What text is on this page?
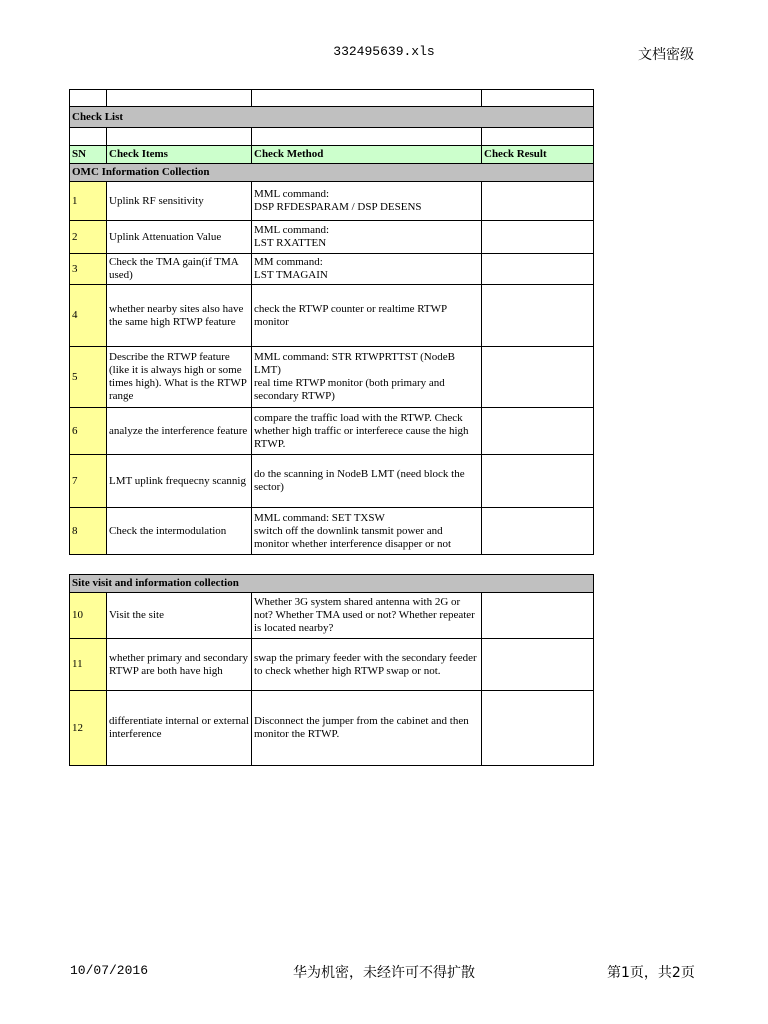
332495639.xls	文档密级

Check List			

SN	Check Items	Check Method	Check Result
OMC Information Collection			
1	Uplink RF sensitivity	MML command:
DSP RFDESPARAM / DSP DESENS	
2	Uplink Attenuation Value	MML command:
LST RXATTEN	
3	Check the TMA gain(if TMA used)	MM command:
LST TMAGAIN	
4	whether nearby sites also have the same high RTWP feature	check the RTWP counter or realtime RTWP monitor	
5	Describe the RTWP feature (like it is always high or some times high). What is the RTWP range	MML command: STR RTWPRTTST (NodeB LMT)
real time RTWP monitor (both primary and secondary RTWP)	
6	analyze the interference feature	compare the traffic load with the RTWP. Check whether high traffic or interferece cause the high RTWP.	
7	LMT uplink frequecny scannig	do the scanning in NodeB LMT (need block the sector)	
8	Check the intermodulation	MML command: SET TXSW
switch off the downlink tansmit power and monitor whether interference disapper or not	
Site visit and information collection			
10	Visit the site	Whether 3G system shared antenna with 2G or not? Whether TMA used or not? Whether repeater is located nearby?	
11	whether primary and secondary RTWP are both have high	swap the primary feeder with the secondary feeder to check whether high RTWP swap or not.	
12	differentiate internal or external interference	Disconnect the jumper from the cabinet and then monitor the RTWP.	
10/07/2016	华为机密，未经许可不得扩散	第1页，共2页
